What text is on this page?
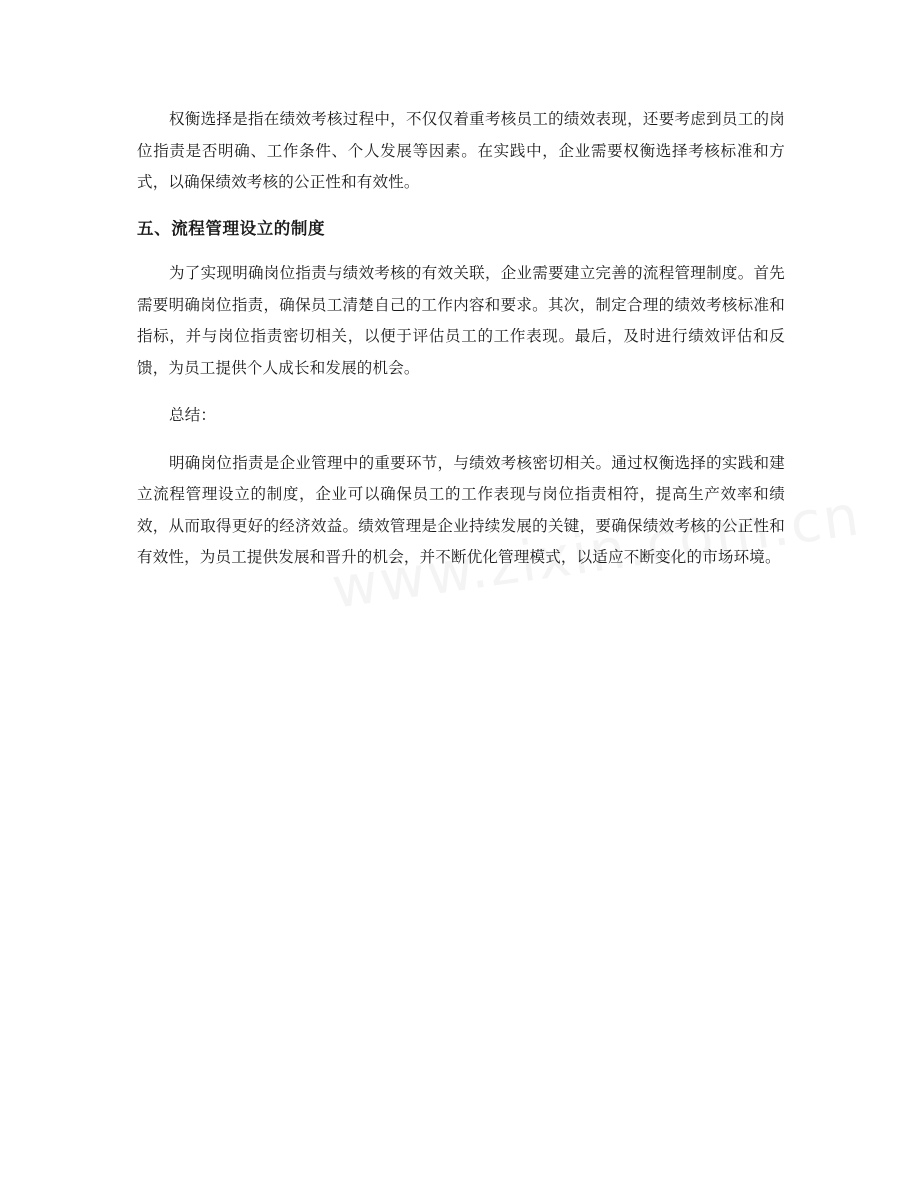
权衡选择是指在绩效考核过程中，不仅仅着重考核员工的绩效表现，还要考虑到员工的岗位指责是否明确、工作条件、个人发展等因素。在实践中，企业需要权衡选择考核标准和方式，以确保绩效考核的公正性和有效性。

五、流程管理设立的制度

为了实现明确岗位指责与绩效考核的有效关联，企业需要建立完善的流程管理制度。首先需要明确岗位指责，确保员工清楚自己的工作内容和要求。其次，制定合理的绩效考核标准和指标，并与岗位指责密切相关，以便于评估员工的工作表现。最后，及时进行绩效评估和反馈，为员工提供个人成长和发展的机会。

总结：

明确岗位指责是企业管理中的重要环节，与绩效考核密切相关。通过权衡选择的实践和建立流程管理设立的制度，企业可以确保员工的工作表现与岗位指责相符，提高生产效率和绩效，从而取得更好的经济效益。绩效管理是企业持续发展的关键，要确保绩效考核的公正性和有效性，为员工提供发展和晋升的机会，并不断优化管理模式，以适应不断变化的市场环境。
